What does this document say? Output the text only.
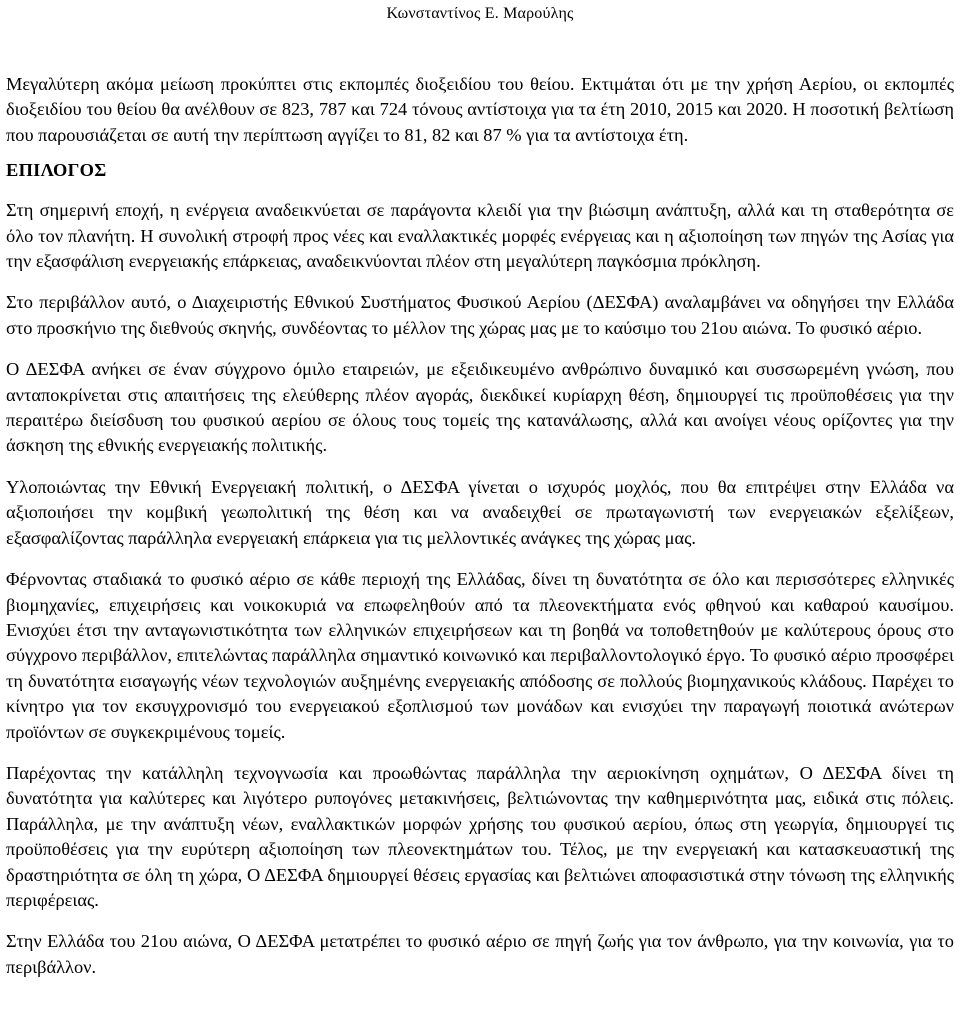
Κωνσταντίνος Ε. Μαρούλης

Μεγαλύτερη ακόμα μείωση προκύπτει στις εκπομπές διοξειδίου του θείου. Εκτιμάται ότι με την χρήση Αερίου, οι εκπομπές διοξειδίου του θείου θα ανέλθουν σε 823, 787 και 724 τόνους αντίστοιχα για τα έτη 2010, 2015 και 2020. Η ποσοτική βελτίωση που παρουσιάζεται σε αυτή την περίπτωση αγγίζει το 81, 82 και 87 % για τα αντίστοιχα έτη.

ΕΠΙΛΟΓΟΣ

Στη σημερινή εποχή, η ενέργεια αναδεικνύεται σε παράγοντα κλειδί για την βιώσιμη ανάπτυξη, αλλά και τη σταθερότητα σε όλο τον πλανήτη. Η συνολική στροφή προς νέες και εναλλακτικές μορφές ενέργειας και η αξιοποίηση των πηγών της Ασίας για την εξασφάλιση ενεργειακής επάρκειας, αναδεικνύονται πλέον στη μεγαλύτερη παγκόσμια πρόκληση.

Στο περιβάλλον αυτό, ο Διαχειριστής Εθνικού Συστήματος Φυσικού Αερίου (ΔΕΣΦΑ) αναλαμβάνει να οδηγήσει την Ελλάδα στο προσκήνιο της διεθνούς σκηνής, συνδέοντας το μέλλον της χώρας μας με το καύσιμο του 21ου αιώνα. Το φυσικό αέριο.

Ο ΔΕΣΦΑ ανήκει σε έναν σύγχρονο όμιλο εταιρειών, με εξειδικευμένο ανθρώπινο δυναμικό και συσσωρεμένη γνώση, που ανταποκρίνεται στις απαιτήσεις της ελεύθερης πλέον αγοράς, διεκδικεί κυρίαρχη θέση, δημιουργεί τις προϋποθέσεις για την περαιτέρω διείσδυση του φυσικού αερίου σε όλους τους τομείς της κατανάλωσης, αλλά και ανοίγει νέους ορίζοντες για την άσκηση της εθνικής ενεργειακής πολιτικής.

Υλοποιώντας την Εθνική Ενεργειακή πολιτική, ο ΔΕΣΦΑ γίνεται ο ισχυρός μοχλός, που θα επιτρέψει στην Ελλάδα να αξιοποιήσει την κομβική γεωπολιτική της θέση και να αναδειχθεί σε πρωταγωνιστή των ενεργειακών εξελίξεων, εξασφαλίζοντας παράλληλα ενεργειακή επάρκεια για τις μελλοντικές ανάγκες της χώρας μας.

Φέρνοντας σταδιακά το φυσικό αέριο σε κάθε περιοχή της Ελλάδας, δίνει τη δυνατότητα σε όλο και περισσότερες ελληνικές βιομηχανίες, επιχειρήσεις και νοικοκυριά να επωφεληθούν από τα πλεονεκτήματα ενός φθηνού και καθαρού καυσίμου. Ενισχύει έτσι την ανταγωνιστικότητα των ελληνικών επιχειρήσεων και τη βοηθά να τοποθετηθούν με καλύτερους όρους στο σύγχρονο περιβάλλον, επιτελώντας παράλληλα σημαντικό κοινωνικό και περιβαλλοντολογικό έργο. Το φυσικό αέριο προσφέρει τη δυνατότητα εισαγωγής νέων τεχνολογιών αυξημένης ενεργειακής απόδοσης σε πολλούς βιομηχανικούς κλάδους. Παρέχει το κίνητρο για τον εκσυγχρονισμό του ενεργειακού εξοπλισμού των μονάδων και ενισχύει την παραγωγή ποιοτικά ανώτερων προϊόντων σε συγκεκριμένους τομείς.

Παρέχοντας την κατάλληλη τεχνογνωσία και προωθώντας παράλληλα την αεριοκίνηση οχημάτων, Ο ΔΕΣΦΑ δίνει τη δυνατότητα για καλύτερες και λιγότερο ρυπογόνες μετακινήσεις, βελτιώνοντας την καθημερινότητα μας, ειδικά στις πόλεις. Παράλληλα, με την ανάπτυξη νέων, εναλλακτικών μορφών χρήσης του φυσικού αερίου, όπως στη γεωργία, δημιουργεί τις προϋποθέσεις για την ευρύτερη αξιοποίηση των πλεονεκτημάτων του. Τέλος, με την ενεργειακή και κατασκευαστική της δραστηριότητα σε όλη τη χώρα, Ο ΔΕΣΦΑ δημιουργεί θέσεις εργασίας και βελτιώνει αποφασιστικά στην τόνωση της ελληνικής περιφέρειας.

Στην Ελλάδα του 21ου αιώνα, Ο ΔΕΣΦΑ μετατρέπει το φυσικό αέριο σε πηγή ζωής για τον άνθρωπο, για την κοινωνία, για το περιβάλλον.
